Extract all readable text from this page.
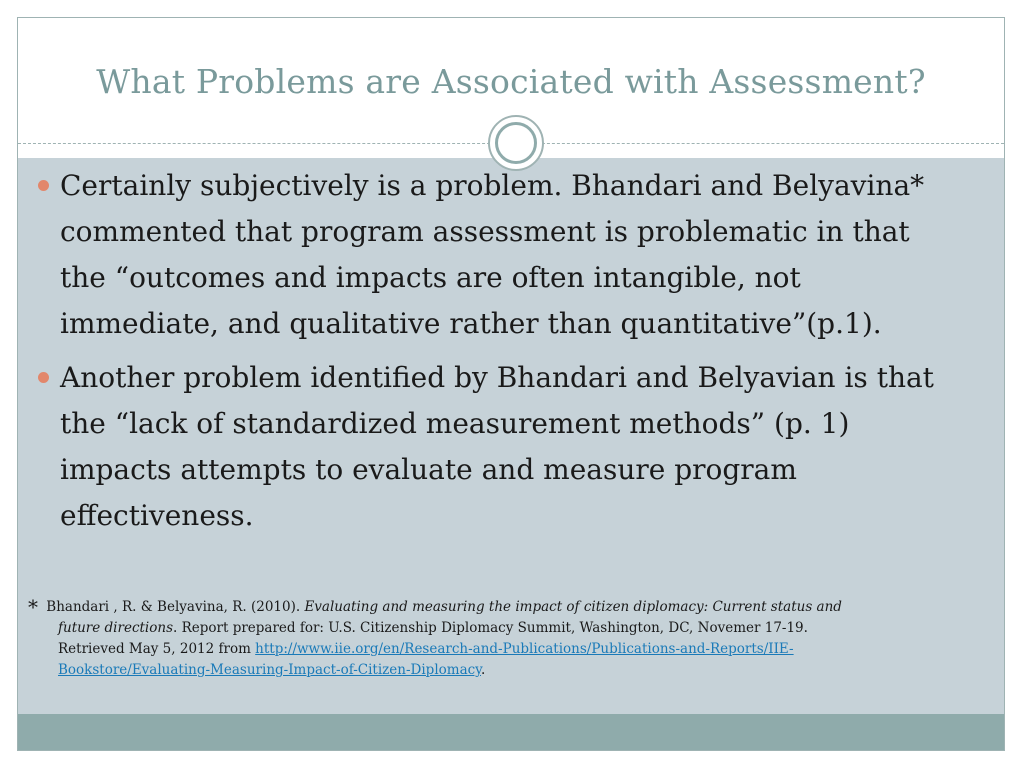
What Problems are Associated with Assessment?
Certainly subjectively is a problem. Bhandari and Belyavina* commented that program assessment is problematic in that the “outcomes and impacts are often intangible, not immediate, and qualitative rather than quantitative”(p.1).
Another problem identified by Bhandari and Belyavian is that the “lack of standardized measurement methods” (p. 1) impacts attempts to evaluate and measure program effectiveness.
* Bhandari , R. & Belyavina, R. (2010). Evaluating and measuring the impact of citizen diplomacy: Current status and
future directions. Report prepared for: U.S. Citizenship Diplomacy Summit, Washington, DC, Novemer 17-19.
Retrieved May 5, 2012 from http://www.iie.org/en/Research-and-Publications/Publications-and-Reports/IIE-
Bookstore/Evaluating-Measuring-Impact-of-Citizen-Diplomacy.
